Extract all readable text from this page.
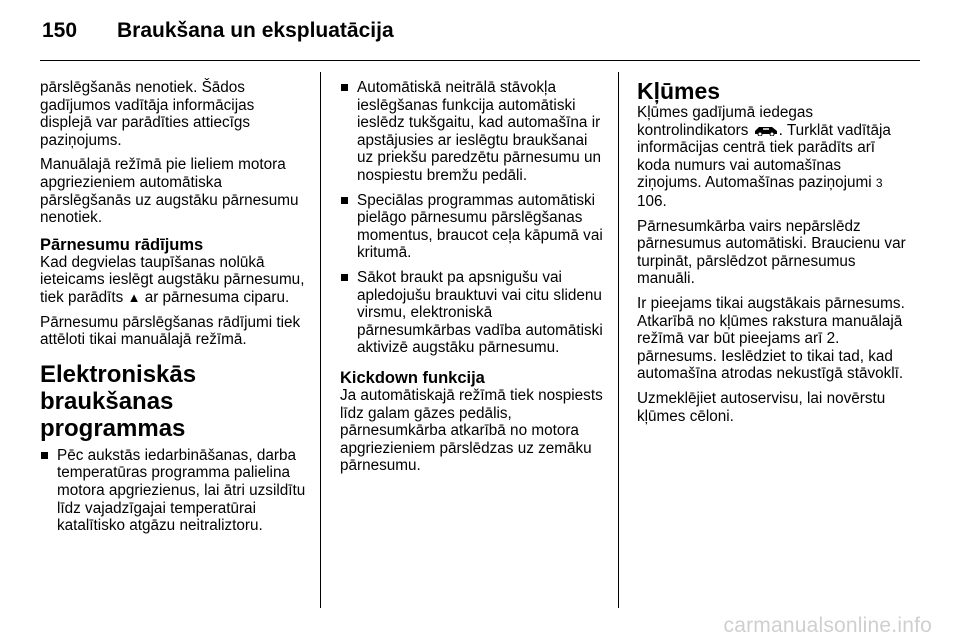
150 Braukšana un ekspluatācija

pārslēgšanās nenotiek. Šādos gadījumos vadītāja informācijas displejā var parādīties attiecīgs paziņojums.

Manuālajā režīmā pie lieliem motora apgriezieniem automātiska pārslēgšanās uz augstāku pārnesumu nenotiek.

Pārnesumu rādījums

Kad degvielas taupīšanas nolūkā ieteicams ieslēgt augstāku pārnesumu, tiek parādīts ▲ ar pārnesuma ciparu.

Pārnesumu pārslēgšanas rādījumi tiek attēloti tikai manuālajā režīmā.

Elektroniskās braukšanas programmas
Pēc aukstās iedarbināšanas, darba temperatūras programma palielina motora apgriezienus, lai ātri uzsildītu līdz vajadzīgajai temperatūrai katalītisko atgāzu neitraliztoru.
Automātiskā neitrālā stāvokļa ieslēgšanas funkcija automātiski ieslēdz tukšgaitu, kad automašīna ir apstājusies ar ieslēgtu braukšanai uz priekšu paredzētu pārnesumu un nospiestu bremžu pedāli.
Speciālas programmas automātiski pielāgo pārnesumu pārslēgšanas momentus, braucot ceļa kāpumā vai kritumā.
Sākot braukt pa apsnigušu vai apledojušu brauktuvi vai citu slidenu virsmu, elektroniskā pārnesumkārbas vadība automātiski aktivizē augstāku pārnesumu.
Kickdown funkcija

Ja automātiskajā režīmā tiek nospiests līdz galam gāzes pedālis, pārnesumkārba atkarībā no motora apgriezieniem pārslēdzas uz zemāku pārnesumu.

Kļūmes

Kļūmes gadījumā iedegas kontrolindikators . Turklāt vadītāja informācijas centrā tiek parādīts arī koda numurs vai automašīnas ziņojums. Automašīnas paziņojumi 3 106.

Pārnesumkārba vairs nepārslēdz pārnesumus automātiski. Braucienu var turpināt, pārslēdzot pārnesumus manuāli.

Ir pieejams tikai augstākais pārnesums. Atkarībā no kļūmes rakstura manuālajā režīmā var būt pieejams arī 2. pārnesums. Ieslēdziet to tikai tad, kad automašīna atrodas nekustīgā stāvoklī.

Uzmeklējiet autoservisu, lai novērstu kļūmes cēloni.

carmanualsonline.info
